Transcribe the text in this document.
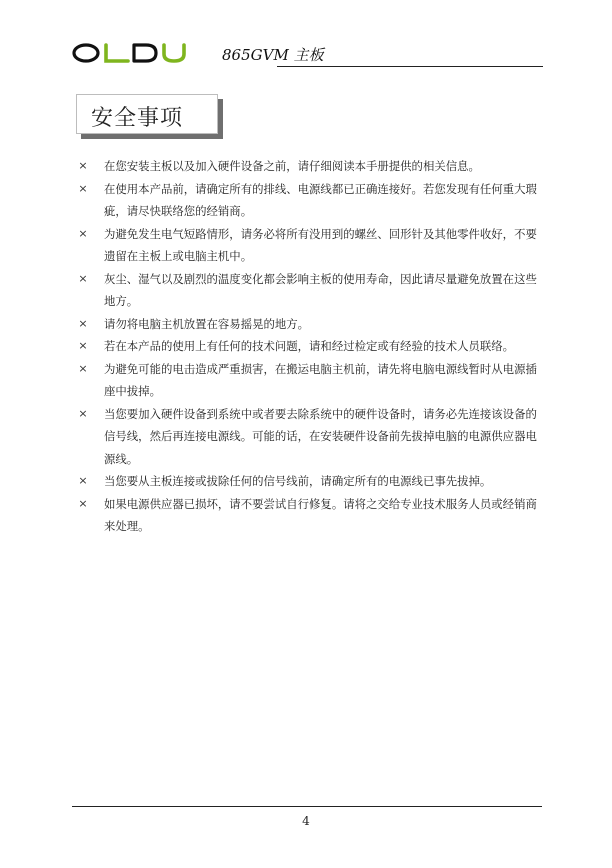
865GVM 主板
安全事项
× 在您安装主板以及加入硬件设备之前，请仔细阅读本手册提供的相关信息。
× 在使用本产品前，请确定所有的排线、电源线都已正确连接好。若您发现有任何重大瑕疵，请尽快联络您的经销商。
× 为避免发生电气短路情形，请务必将所有没用到的螺丝、回形针及其他零件收好，不要遗留在主板上或电脑主机中。
× 灰尘、湿气以及剧烈的温度变化都会影响主板的使用寿命，因此请尽量避免放置在这些地方。
× 请勿将电脑主机放置在容易摇晃的地方。
× 若在本产品的使用上有任何的技术问题，请和经过检定或有经验的技术人员联络。
× 为避免可能的电击造成严重损害，在搬运电脑主机前，请先将电脑电源线暂时从电源插座中拔掉。
× 当您要加入硬件设备到系统中或者要去除系统中的硬件设备时，请务必先连接该设备的信号线，然后再连接电源线。可能的话，在安装硬件设备前先拔掉电脑的电源供应器电源线。
× 当您要从主板连接或拔除任何的信号线前，请确定所有的电源线已事先拔掉。
× 如果电源供应器已损坏，请不要尝试自行修复。请将之交给专业技术服务人员或经销商来处理。
4
